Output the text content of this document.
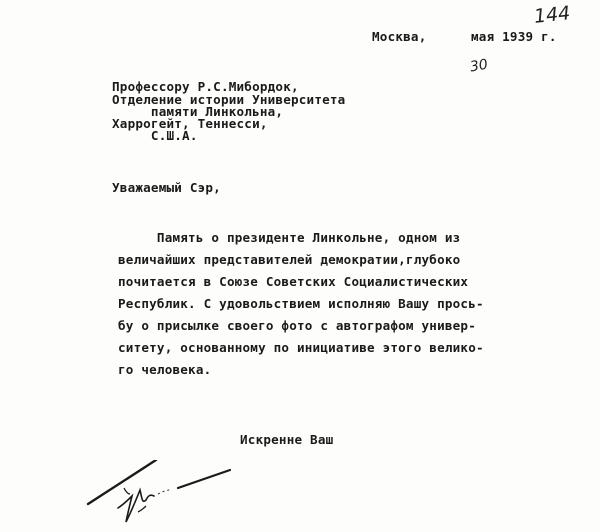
144
30
Москва,	мая 1939 г.
Профессору Р.С.Мибордок,
Отделение истории Университета
памяти Линкольна,
Харрогейт, Теннесси,
С.Ш.А.
Уважаемый Сэр,
Память о президенте Линкольне, одном из
величайших представителей демократии,глубоко
почитается в Союзе Советских Социалистических
Республик. С удовольствием исполняю Вашу прось-
бу о присылке своего фото с автографом универ-
ситету, основанному по инициативе этого велико-
го человека.
Искренне Ваш
